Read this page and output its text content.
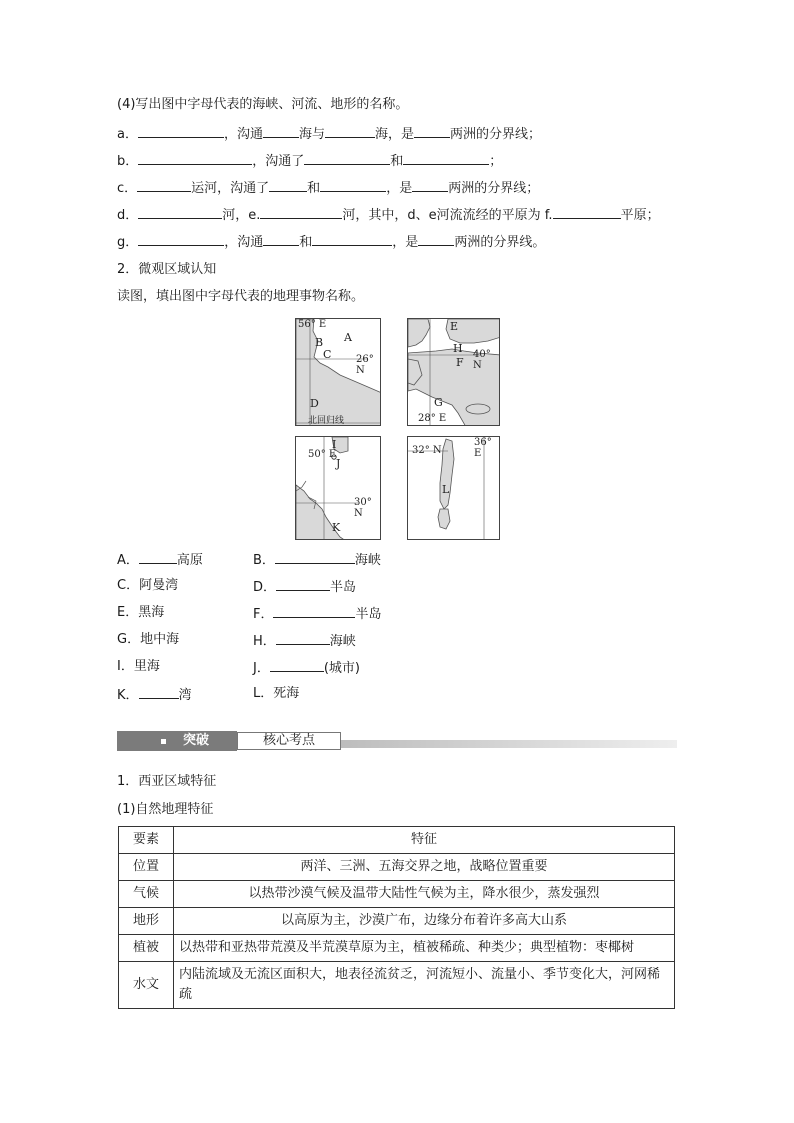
(4)写出图中字母代表的海峡、河流、地形的名称。
a．	，沟通	海与	海，是	两洲的分界线；
b．	，沟通了	和	；
c．	运河，沟通了	和	，是	两洲的分界线；
d．	河，e.	河，其中，d、e河流流经的平原为 f.	平原；
g．	，沟通	和	，是	两洲的分界线。
2．微观区域认知
读图，填出图中字母代表的地理事物名称。
56° E
A
B
C 26° N
D
北回归线
E
H 40° N
F
G
28° E
I
50° E
J
30° N
K
32° N
36° E
L
A．	高原	B．	海峡
C．阿曼湾	D．	半岛
E．黑海	F．	半岛
G．地中海	H．	海峡
I．里海	J．	(城市)
K．	湾	L．死海
突破	核心考点
1．西亚区域特征
(1)自然地理特征
要素	特征
位置	两洋、三洲、五海交界之地，战略位置重要
气候	以热带沙漠气候及温带大陆性气候为主，降水很少，蒸发强烈
地形	以高原为主，沙漠广布，边缘分布着许多高大山系
植被	以热带和亚热带荒漠及半荒漠草原为主，植被稀疏、种类少；典型植物：枣椰树
水文	内陆流域及无流区面积大，地表径流贫乏，河流短小、流量小、季节变化大，河网稀疏
